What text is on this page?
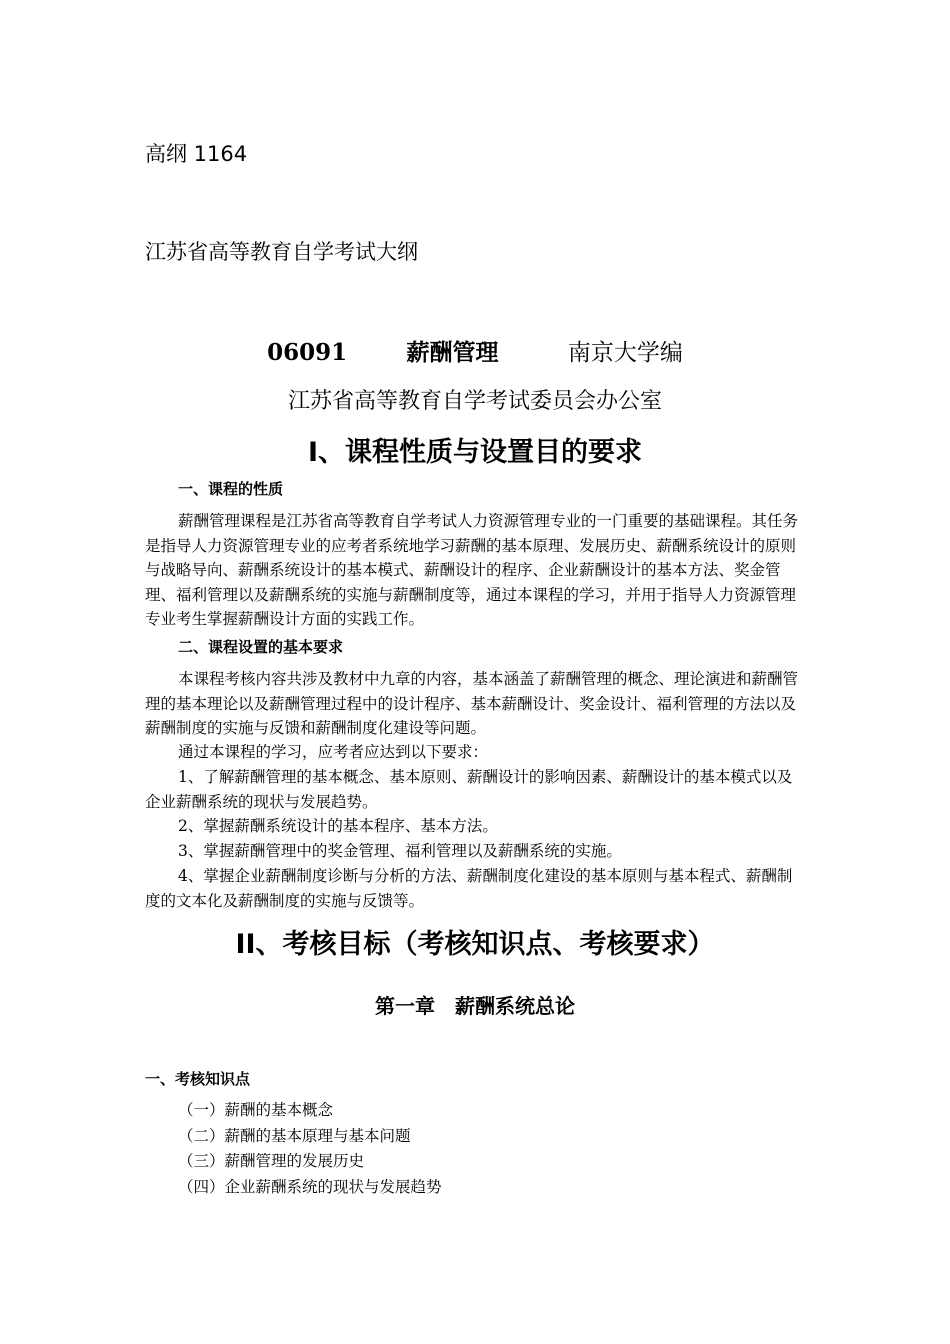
高纲 1164
江苏省高等教育自学考试大纲
06091	薪酬管理	南京大学编
江苏省高等教育自学考试委员会办公室
I、课程性质与设置目的要求
一、课程的性质
薪酬管理课程是江苏省高等教育自学考试人力资源管理专业的一门重要的基础课程。其任务是指导人力资源管理专业的应考者系统地学习薪酬的基本原理、发展历史、薪酬系统设计的原则与战略导向、薪酬系统设计的基本模式、薪酬设计的程序、企业薪酬设计的基本方法、奖金管理、福利管理以及薪酬系统的实施与薪酬制度等，通过本课程的学习，并用于指导人力资源管理专业考生掌握薪酬设计方面的实践工作。
二、课程设置的基本要求
本课程考核内容共涉及教材中九章的内容，基本涵盖了薪酬管理的概念、理论演进和薪酬管理的基本理论以及薪酬管理过程中的设计程序、基本薪酬设计、奖金设计、福利管理的方法以及薪酬制度的实施与反馈和薪酬制度化建设等问题。
通过本课程的学习，应考者应达到以下要求：
1、了解薪酬管理的基本概念、基本原则、薪酬设计的影响因素、薪酬设计的基本模式以及企业薪酬系统的现状与发展趋势。
2、掌握薪酬系统设计的基本程序、基本方法。
3、掌握薪酬管理中的奖金管理、福利管理以及薪酬系统的实施。
4、掌握企业薪酬制度诊断与分析的方法、薪酬制度化建设的基本原则与基本程式、薪酬制度的文本化及薪酬制度的实施与反馈等。
II、考核目标（考核知识点、考核要求）
第一章　薪酬系统总论
一、考核知识点
（一）薪酬的基本概念
（二）薪酬的基本原理与基本问题
（三）薪酬管理的发展历史
（四）企业薪酬系统的现状与发展趋势
